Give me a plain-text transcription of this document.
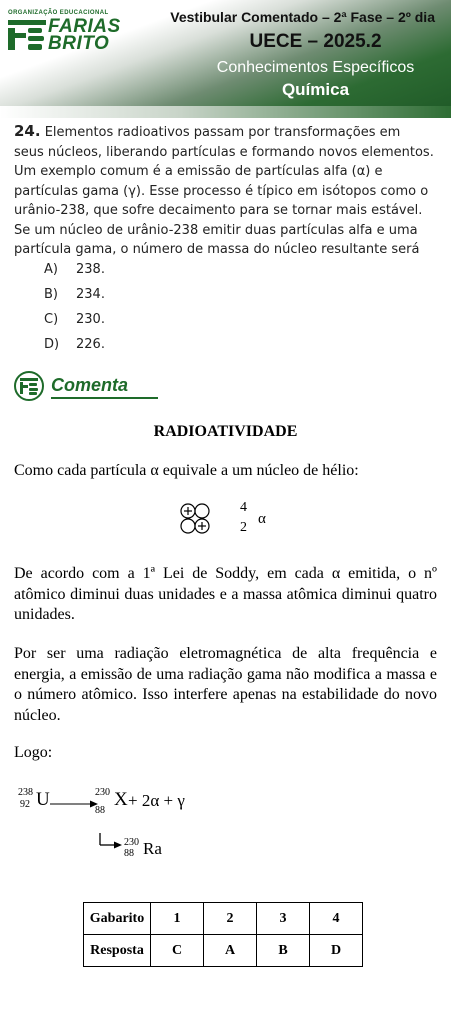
ORGANIZAÇÃO EDUCACIONAL
FARIAS
BRITO
Vestibular Comentado – 2ª Fase – 2º dia
UECE – 2025.2
Conhecimentos Específicos
Química
24. Elementos radioativos passam por transformações em seus núcleos, liberando partículas e formando novos elementos. Um exemplo comum é a emissão de partículas alfa (α) e partículas gama (γ). Esse processo é típico em isótopos como o urânio-238, que sofre decaimento para se tornar mais estável. Se um núcleo de urânio-238 emitir duas partículas alfa e uma partícula gama, o número de massa do núcleo resultante será
A)	238.
B)	234.
C)	230.
D)	226.
Comenta
RADIOATIVIDADE
Como cada partícula α equivale a um núcleo de hélio:
4
2
α
De acordo com a 1ª Lei de Soddy, em cada α emitida, o nº atômico diminui duas unidades e a massa atômica diminui quatro unidades.
Por ser uma radiação eletromagnética de alta frequência e energia, a emissão de uma radiação gama não modifica a massa e o número atômico. Isso interfere apenas na estabilidade do novo núcleo.
Logo:
238
92 U →
230
88
X + 2α + γ
230
88 Ra
Gabarito	1	2	3	4
Resposta	C	A	B	D
